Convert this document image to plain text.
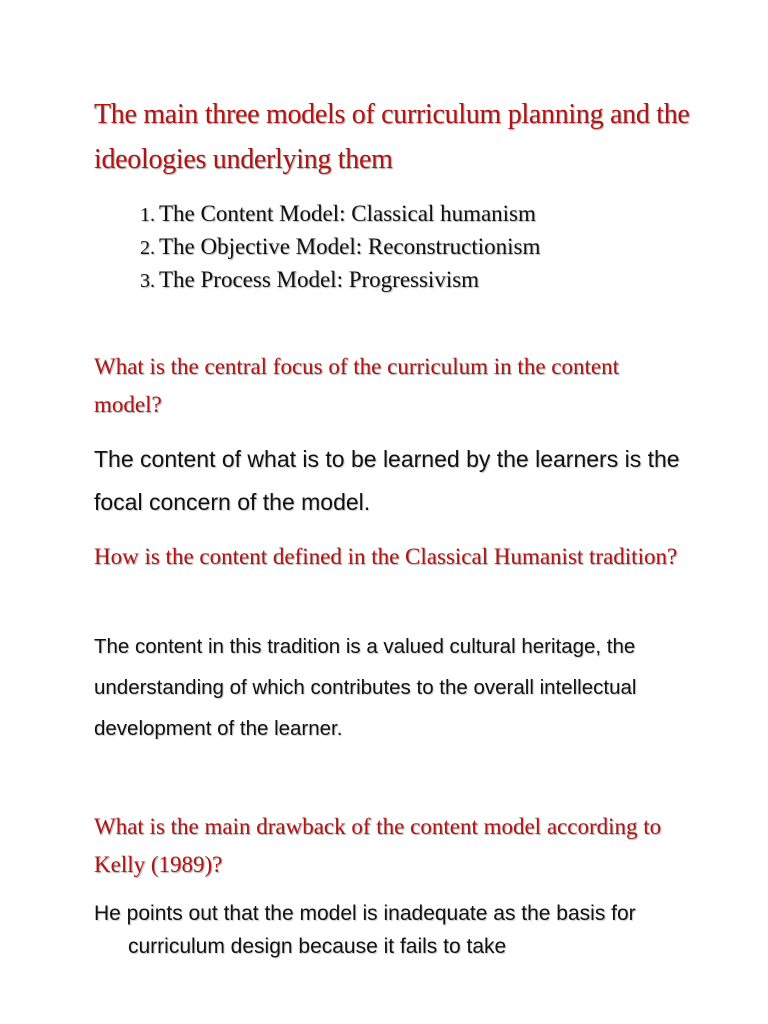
The main three models of curriculum planning and the ideologies underlying them
1. The Content Model: Classical humanism
2. The Objective Model: Reconstructionism
3. The Process Model: Progressivism
What is the central focus of the curriculum in the content model?

The content of what is to be learned by the learners is the focal concern of the model.

How is the content defined in the Classical Humanist tradition?

The content in this tradition is a valued cultural heritage, the understanding of which contributes to the overall intellectual development of the learner.

What is the main drawback of the content model according to Kelly (1989)?

He points out that the model is inadequate as the basis for curriculum design because it fails to take
